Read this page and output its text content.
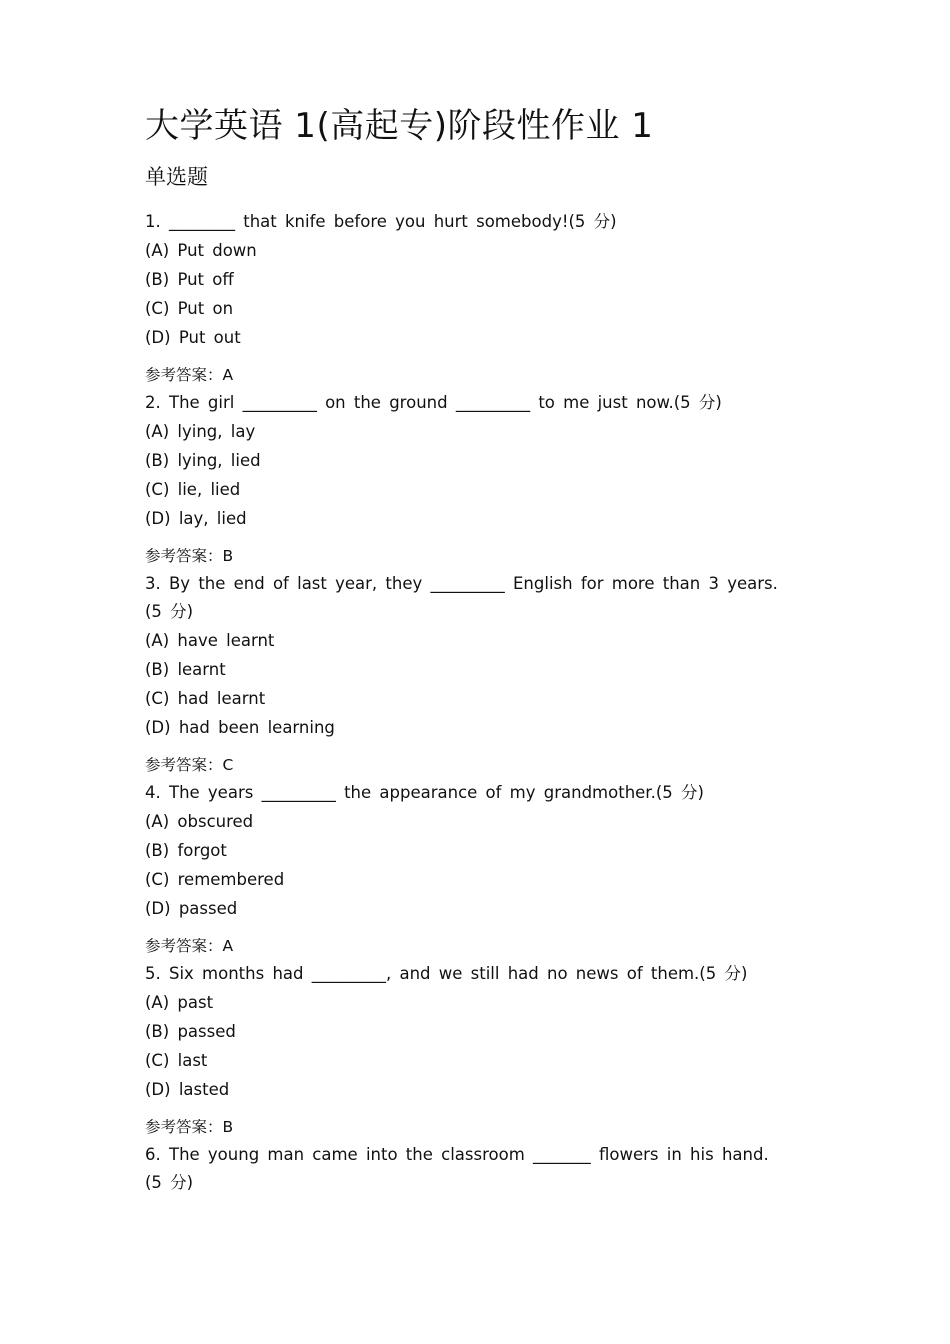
大学英语 1(高起专)阶段性作业 1
单选题

1. ________ that knife before you hurt somebody!(5 分)

(A) Put down

(B) Put off

(C) Put on

(D) Put out

参考答案：A

2. The girl _________ on the ground _________ to me just now.(5 分)

(A) lying, lay

(B) lying, lied

(C) lie, lied

(D) lay, lied

参考答案：B

3. By the end of last year, they _________ English for more than 3 years.
(5 分)

(A) have learnt

(B) learnt

(C) had learnt

(D) had been learning

参考答案：C

4. The years _________ the appearance of my grandmother.(5 分)

(A) obscured

(B) forgot

(C) remembered

(D) passed

参考答案：A

5. Six months had _________, and we still had no news of them.(5 分)

(A) past

(B) passed

(C) last

(D) lasted

参考答案：B

6. The young man came into the classroom _______ flowers in his hand.
(5 分)
